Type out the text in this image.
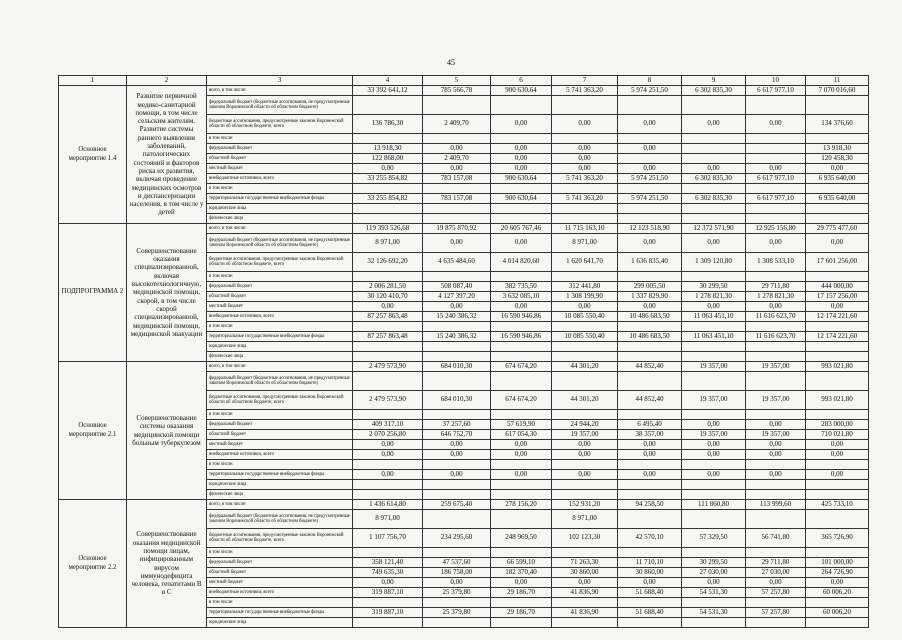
45
1	2	3	4	5	6	7	8	9	10	11
Основное мероприятие 1.4	Развитие первичной медико-санитарной помощи, в том числе сельским жителям. Развитие системы раннего выявления заболеваний, патологических состояний и факторов риска их развития, включая проведение медицинских осмотров и диспансеризации населения, в том числе у детей	всего, в том числе:	33 392 641,12	785 566,78	900 630,64	5 741 363,20	5 974 251,50	6 302 835,30	6 617 977,10	7 070 016,60
		федеральный бюджет (бюджетные ассигнования, не предусмотренные законом Воронежской области об областном бюджете)								
		бюджетные ассигнования, предусмотренные законом Воронежской области об областном бюджете, всего	136 786,30	2 409,70	0,00	0,00	0,00	0,00	0,00	134 376,60
		в том числе:								
		федеральный бюджет	13 918,30	0,00	0,00	0,00	0,00			13 918,30
		областной бюджет	122 868,00	2 409,70	0,00	0,00				120 458,30
		местный бюджет	0,00	0,00	0,00	0,00	0,00	0,00	0,00	0,00
		внебюджетные источники, всего	33 255 854,82	783 157,08	900 630,64	5 741 363,20	5 974 251,50	6 302 835,30	6 617 977,10	6 935 640,00
		в том числе:								
		территориальные государственные внебюджетные фонды	33 255 854,82	783 157,08	900 630,64	5 741 363,20	5 974 251,50	6 302 835,30	6 617 977,10	6 935 640,00
		юридические лица								
		физические лица								
ПОДПРОГРАММА 2	Совершенствование оказания специализированной, включая высокотехнологичную, медицинской помощи, скорой, в том числе скорой специализированной, медицинской помощи, медицинской эвакуации	всего, в том числе:	119 393 526,68	19 875 870,92	20 605 767,46	11 715 163,10	12 123 518,90	12 372 571,90	12 925 156,80	29 775 477,60
		федеральный бюджет (бюджетные ассигнования, не предусмотренные законом Воронежской области об областном бюджете)	8 971,00	0,00	0,00	8 971,00	0,00	0,00	0,00	0,00
		бюджетные ассигнования, предусмотренные законом Воронежской области об областном бюджете, всего	32 126 692,20	4 635 484,60	4 014 820,60	1 620 641,70	1 636 835,40	1 309 120,80	1 308 533,10	17 601 256,00
		в том числе:								
		федеральный бюджет	2 006 281,50	508 087,40	382 735,50	312 441,80	299 005,50	30 299,50	29 711,80	444 000,00
		областной бюджет	30 120 410,70	4 127 397,20	3 632 085,10	1 308 199,90	1 337 829,90	1 278 821,30	1 278 821,30	17 157 256,00
		местный бюджет	0,00	0,00	0,00	0,00	0,00	0,00	0,00	0,00
		внебюджетные источники, всего	87 257 863,48	15 240 386,32	16 590 946,86	10 085 550,40	10 486 683,50	11 063 451,10	11 616 623,70	12 174 221,60
		в том числе:								
		территориальные государственные внебюджетные фонды	87 257 863,48	15 240 386,32	16 590 946,86	10 085 550,40	10 486 683,50	11 063 451,10	11 616 623,70	12 174 221,60
		юридические лица								
		физические лица								
Основное мероприятие 2.1	Совершенствование системы оказания медицинской помощи больным туберкулезом	всего, в том числе:	2 479 573,90	684 010,30	674 674,20	44 301,20	44 852,40	19 357,00	19 357,00	993 021,80
		федеральный бюджет (бюджетные ассигнования, не предусмотренные законом Воронежской области об областном бюджете)								
		бюджетные ассигнования, предусмотренные законом Воронежской области об областном бюджете, всего	2 479 573,90	684 010,30	674 674,20	44 301,20	44 852,40	19 357,00	19 357,00	993 021,80
		в том числе:								
		федеральный бюджет	409 317,10	37 257,60	57 619,90	24 944,20	6 495,40	0,00	0,00	283 000,00
		областной бюджет	2 070 256,80	646 752,70	617 054,30	19 357,00	38 357,00	19 357,00	19 357,00	710 021,80
		местный бюджет	0,00	0,00	0,00	0,00	0,00	0,00	0,00	0,00
		внебюджетные источники, всего	0,00	0,00	0,00	0,00	0,00	0,00	0,00	0,00
		в том числе:								
		территориальные государственные внебюджетные фонды	0,00	0,00	0,00	0,00	0,00	0,00	0,00	0,00
		юридические лица								
		физические лица								
Основное мероприятие 2.2	Совершенствование оказания медицинской помощи лицам, инфицированным вирусом иммунодефицита человека, гепатитами В и С	всего, в том числе:	1 436 614,80	259 675,40	278 156,20	152 931,20	94 258,50	111 860,80	113 999,60	425 733,10
		федеральный бюджет (бюджетные ассигнования, не предусмотренные законом Воронежской области об областном бюджете)	8 971,00			8 971,00				
		бюджетные ассигнования, предусмотренные законом Воронежской области об областном бюджете, всего	1 107 756,70	234 295,60	248 969,50	102 123,30	42 570,10	57 329,50	56 741,80	365 726,90
		в том числе:								
		федеральный бюджет	358 121,40	47 537,60	66 599,10	71 263,30	11 710,10	30 299,50	29 711,80	101 000,00
		областной бюджет	749 635,30	186 758,00	182 370,40	30 860,00	30 860,00	27 030,00	27 030,00	264 726,90
		местный бюджет	0,00	0,00	0,00	0,00	0,00	0,00	0,00	0,00
		внебюджетные источники, всего	319 887,10	25 379,80	29 186,70	41 836,90	51 688,40	54 531,30	57 257,80	60 006,20
		в том числе:								
		территориальные государственные внебюджетные фонды	319 887,10	25 379,80	29 186,70	41 836,90	51 688,40	54 531,30	57 257,80	60 006,20
		юридические лица								
